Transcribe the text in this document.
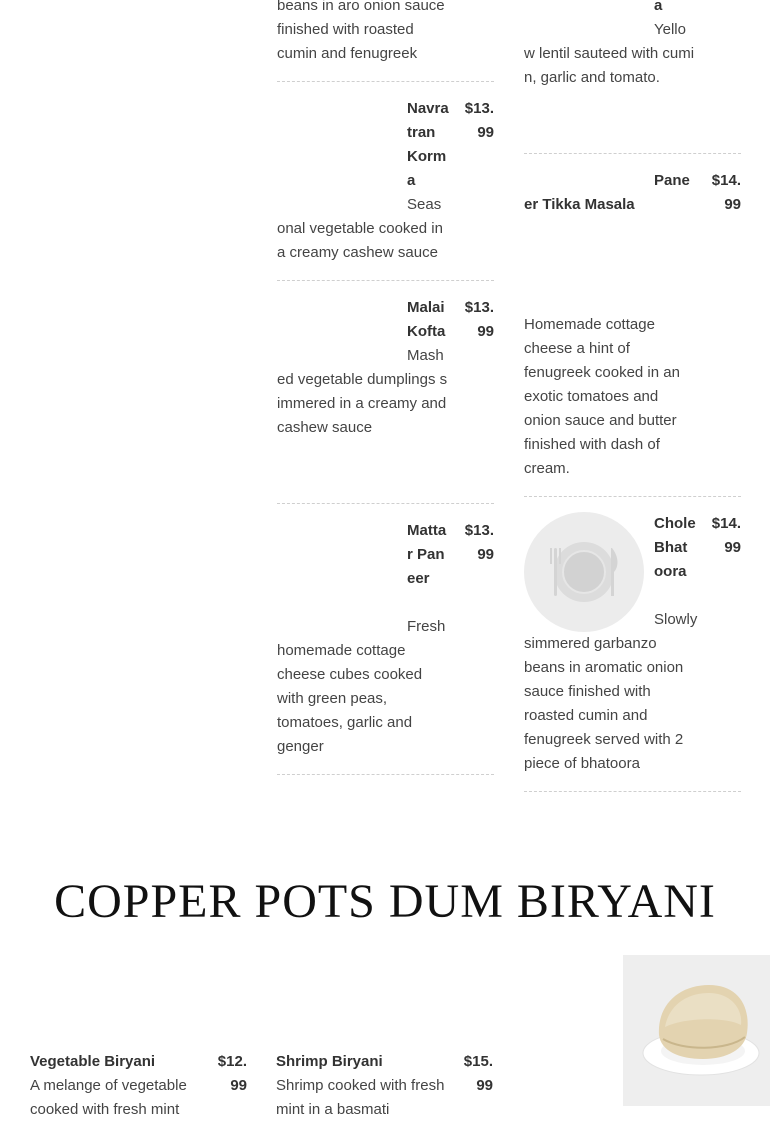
beans in aro onion sauce finished with roasted cumin and fenugreek
$13.99
Navratran Korma
Seasonal vegetable cooked in a creamy cashew sauce
$13.99
Malai Kofta
Mashed vegetable dumplings simmered in a creamy and cashew sauce
$13.99
Mattar Paneer
Fresh homemade cottage cheese cubes cooked with green peas, tomatoes, garlic and genger
a
Yellow lentil sauteed with cumin, garlic and tomato.
$14.99
Paneer Tikka Masala
Homemade cottage cheese a hint of fenugreek cooked in an exotic tomatoes and onion sauce and butter finished with dash of cream.
$14.99
Chole Bhatoora
Slowly simmered garbanzo beans in aromatic onion sauce finished with roasted cumin and fenugreek served with 2 piece of bhatoora
COPPER POTS DUM BIRYANI
Vegetable Biryani	$12.99
A melange of vegetable cooked with fresh mint
Shrimp Biryani	$15.99
Shrimp cooked with fresh mint in a basmati
